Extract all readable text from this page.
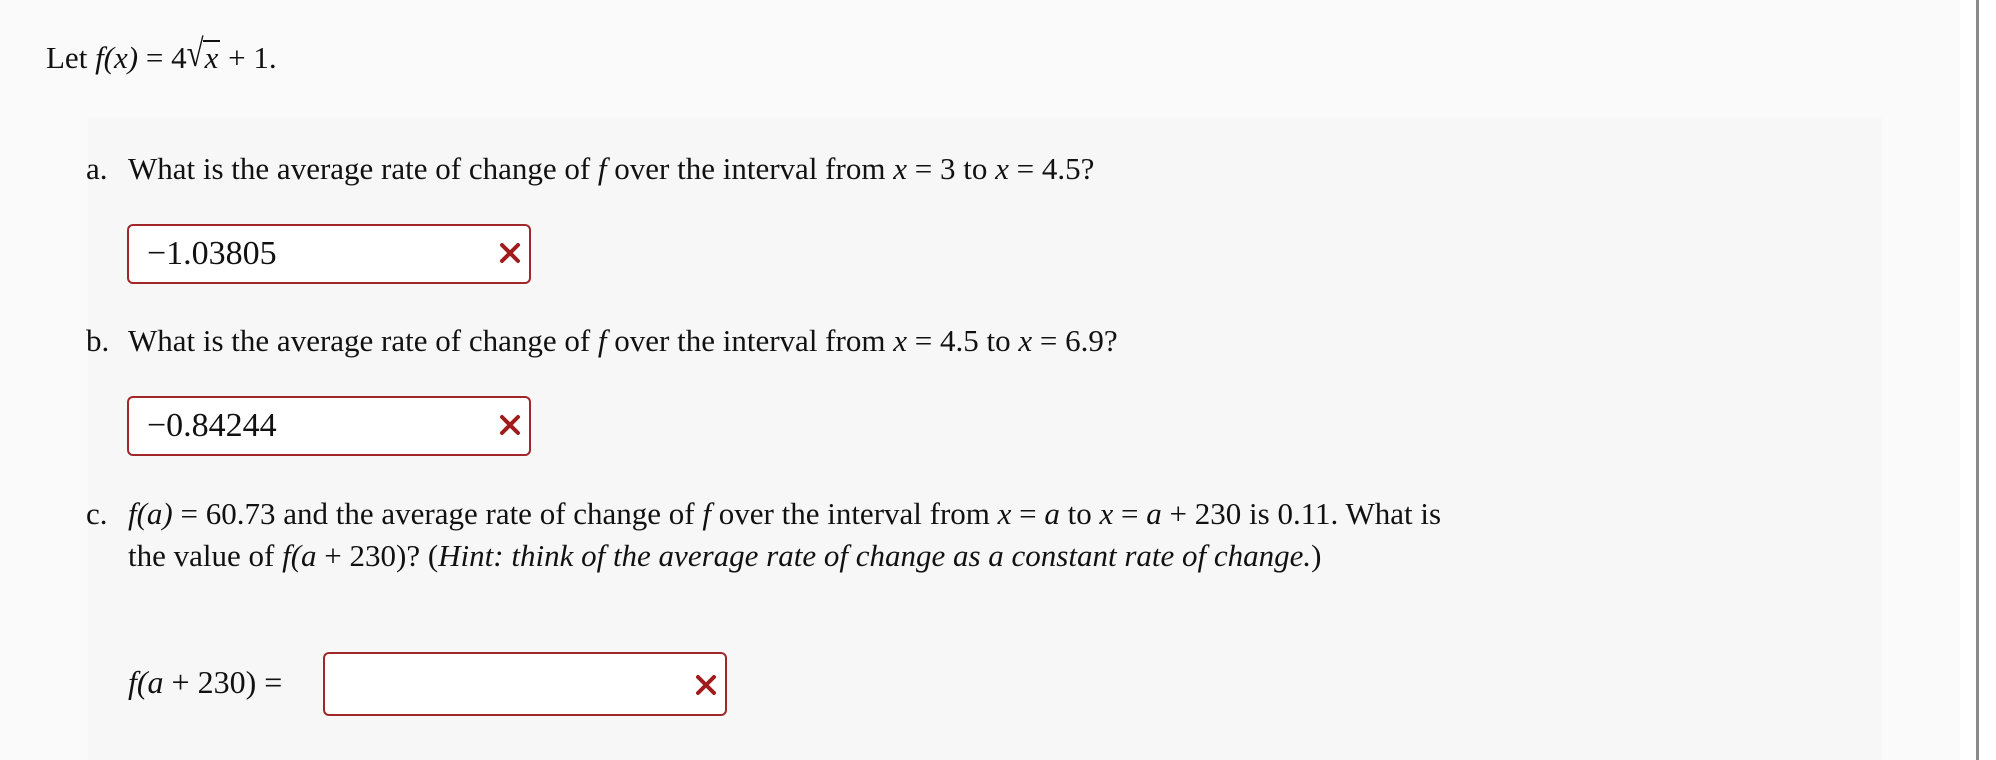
Let f(x) = 4√x + 1.
a. What is the average rate of change of f over the interval from x = 3 to x = 4.5?
−1.03805
b. What is the average rate of change of f over the interval from x = 4.5 to x = 6.9?
−0.84244
c. f(a) = 60.73 and the average rate of change of f over the interval from x = a to x = a + 230 is 0.11. What is the value of f(a + 230)? (Hint: think of the average rate of change as a constant rate of change.)
f(a + 230) =
